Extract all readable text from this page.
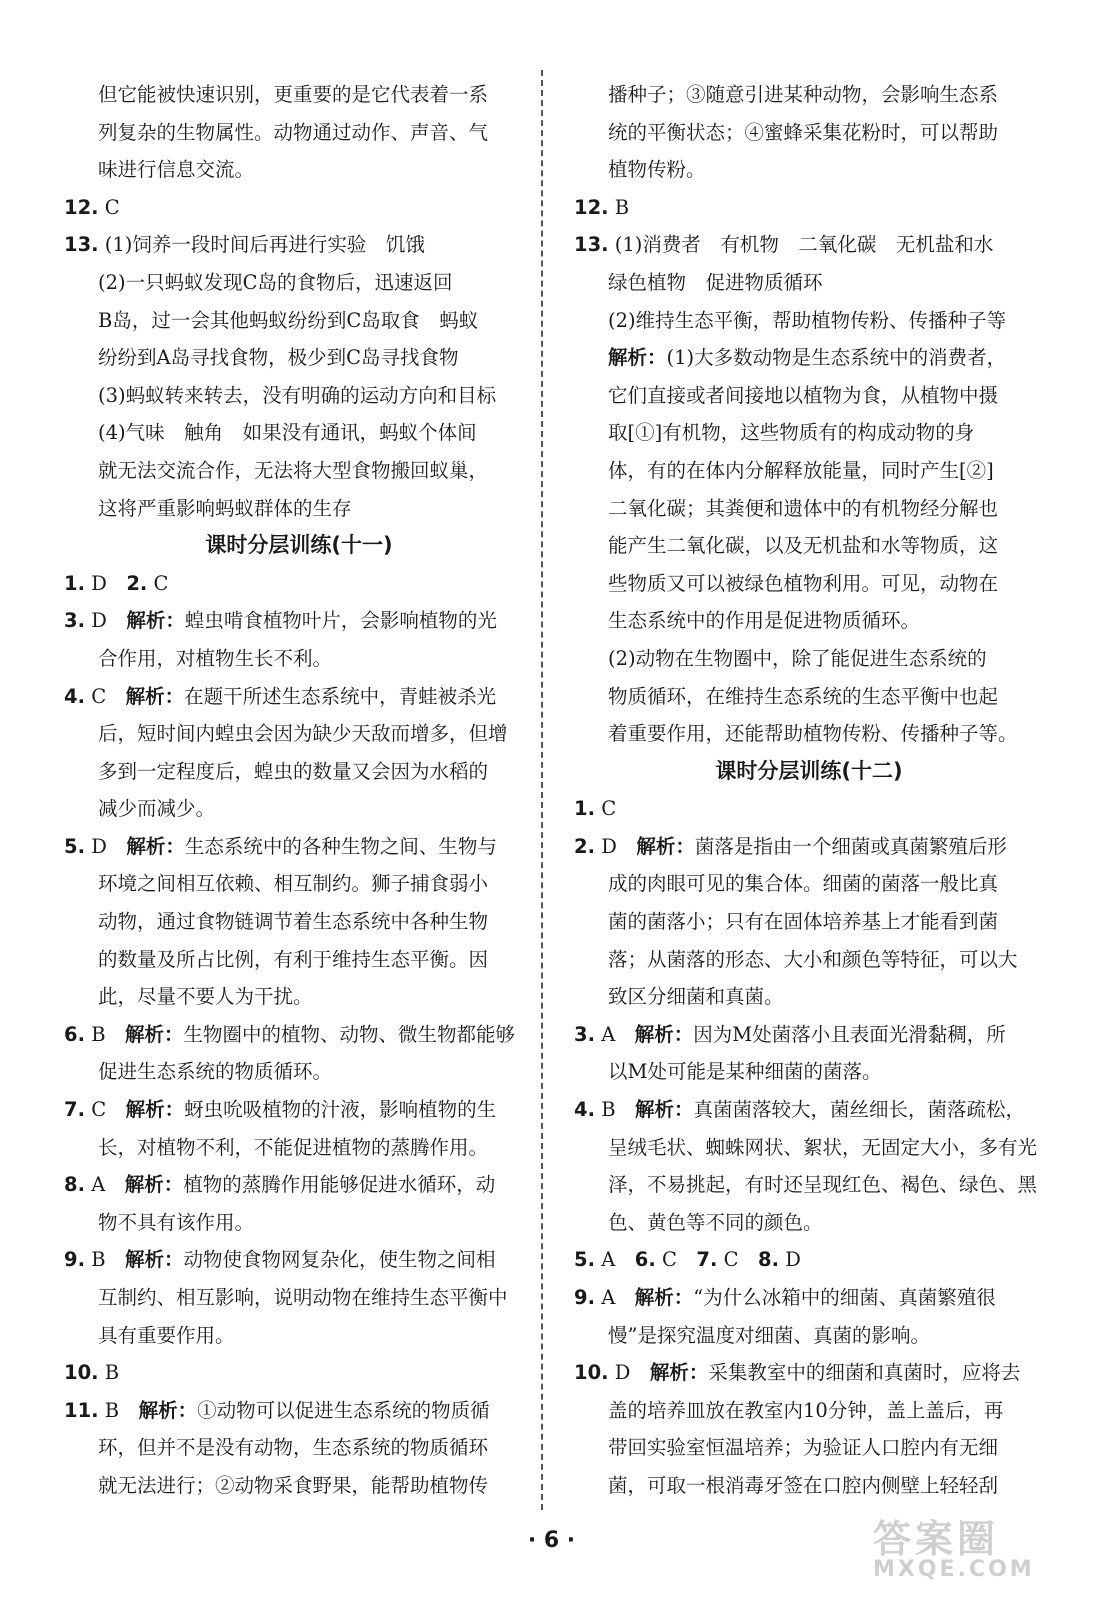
但它能被快速识别，更重要的是它代表着一系

列复杂的生物属性。动物通过动作、声音、气

味进行信息交流。

12. C

13. (1)饲养一段时间后再进行实验　饥饿

(2)一只蚂蚁发现C岛的食物后，迅速返回

B岛，过一会其他蚂蚁纷纷到C岛取食　蚂蚁

纷纷到A岛寻找食物，极少到C岛寻找食物

(3)蚂蚁转来转去，没有明确的运动方向和目标

(4)气味　触角　如果没有通讯，蚂蚁个体间

就无法交流合作，无法将大型食物搬回蚁巢，

这将严重影响蚂蚁群体的生存

课时分层训练(十一)

1. D　2. C

3. D　解析：蝗虫啃食植物叶片，会影响植物的光

合作用，对植物生长不利。

4. C　解析：在题干所述生态系统中，青蛙被杀光

后，短时间内蝗虫会因为缺少天敌而增多，但增

多到一定程度后，蝗虫的数量又会因为水稻的

减少而减少。

5. D　解析：生态系统中的各种生物之间、生物与

环境之间相互依赖、相互制约。狮子捕食弱小

动物，通过食物链调节着生态系统中各种生物

的数量及所占比例，有利于维持生态平衡。因

此，尽量不要人为干扰。

6. B　解析：生物圈中的植物、动物、微生物都能够

促进生态系统的物质循环。

7. C　解析：蚜虫吮吸植物的汁液，影响植物的生

长，对植物不利，不能促进植物的蒸腾作用。

8. A　解析：植物的蒸腾作用能够促进水循环，动

物不具有该作用。

9. B　解析：动物使食物网复杂化，使生物之间相

互制约、相互影响，说明动物在维持生态平衡中

具有重要作用。

10. B

11. B　解析：①动物可以促进生态系统的物质循

环，但并不是没有动物，生态系统的物质循环

就无法进行；②动物采食野果，能帮助植物传

播种子；③随意引进某种动物，会影响生态系

统的平衡状态；④蜜蜂采集花粉时，可以帮助

植物传粉。

12. B

13. (1)消费者　有机物　二氧化碳　无机盐和水

绿色植物　促进物质循环

(2)维持生态平衡，帮助植物传粉、传播种子等

解析：(1)大多数动物是生态系统中的消费者，

它们直接或者间接地以植物为食，从植物中摄

取[①]有机物，这些物质有的构成动物的身

体，有的在体内分解释放能量，同时产生[②]

二氧化碳；其粪便和遗体中的有机物经分解也

能产生二氧化碳，以及无机盐和水等物质，这

些物质又可以被绿色植物利用。可见，动物在

生态系统中的作用是促进物质循环。

(2)动物在生物圈中，除了能促进生态系统的

物质循环，在维持生态系统的生态平衡中也起

着重要作用，还能帮助植物传粉、传播种子等。

课时分层训练(十二)

1. C

2. D　解析：菌落是指由一个细菌或真菌繁殖后形

成的肉眼可见的集合体。细菌的菌落一般比真

菌的菌落小；只有在固体培养基上才能看到菌

落；从菌落的形态、大小和颜色等特征，可以大

致区分细菌和真菌。

3. A　解析：因为M处菌落小且表面光滑黏稠，所

以M处可能是某种细菌的菌落。

4. B　解析：真菌菌落较大，菌丝细长，菌落疏松，

呈绒毛状、蜘蛛网状、絮状，无固定大小，多有光

泽，不易挑起，有时还呈现红色、褐色、绿色、黑

色、黄色等不同的颜色。

5. A　 6. C　 7. C　 8. D

9. A　解析：“为什么冰箱中的细菌、真菌繁殖很

慢”是探究温度对细菌、真菌的影响。

10. D　解析：采集教室中的细菌和真菌时，应将去

盖的培养皿放在教室内10分钟，盖上盖后，再

带回实验室恒温培养；为验证人口腔内有无细

菌，可取一根消毒牙签在口腔内侧壁上轻轻刮

· 6 ·	答案圈
MXQE.COM
